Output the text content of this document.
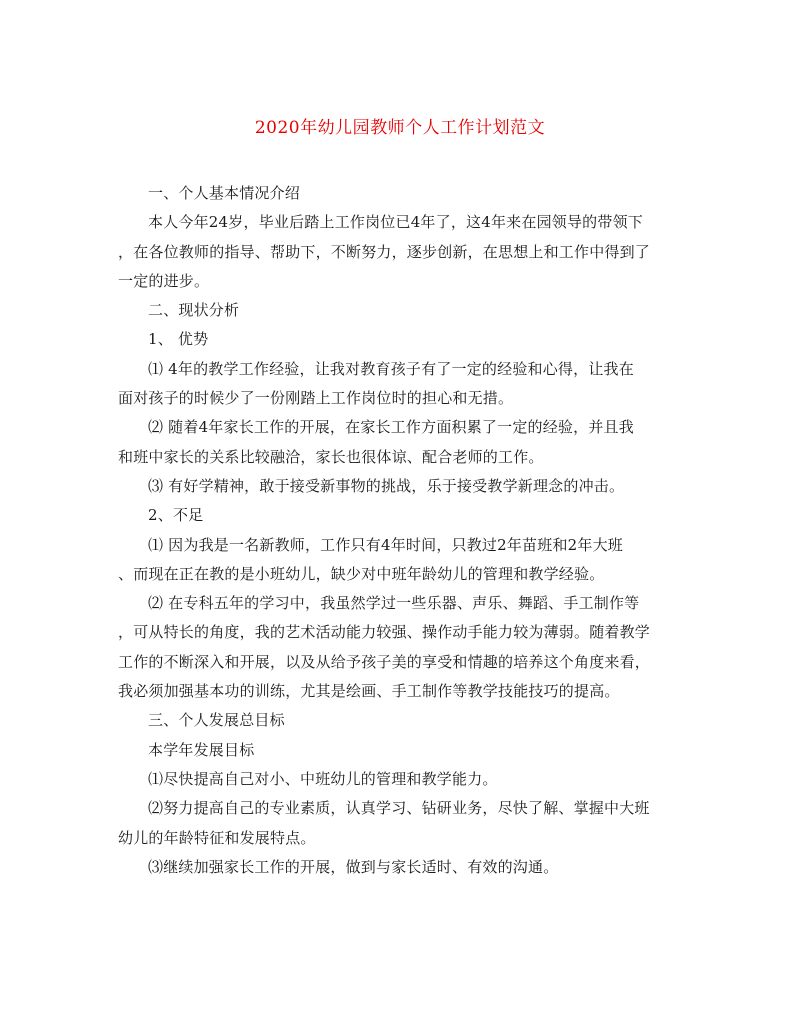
2020年幼儿园教师个人工作计划范文
一、个人基本情况介绍
本人今年24岁，毕业后踏上工作岗位已4年了，这4年来在园领导的带领下
，在各位教师的指导、帮助下，不断努力，逐步创新，在思想上和工作中得到了
一定的进步。
二、现状分析
1、 优势
⑴ 4年的教学工作经验，让我对教育孩子有了一定的经验和心得，让我在
面对孩子的时候少了一份刚踏上工作岗位时的担心和无措。
⑵ 随着4年家长工作的开展，在家长工作方面积累了一定的经验，并且我
和班中家长的关系比较融洽，家长也很体谅、配合老师的工作。
⑶ 有好学精神，敢于接受新事物的挑战，乐于接受教学新理念的冲击。
2、不足
⑴ 因为我是一名新教师，工作只有4年时间，只教过2年苗班和2年大班
、而现在正在教的是小班幼儿，缺少对中班年龄幼儿的管理和教学经验。
⑵ 在专科五年的学习中，我虽然学过一些乐器、声乐、舞蹈、手工制作等
，可从特长的角度，我的艺术活动能力较强、操作动手能力较为薄弱。随着教学
工作的不断深入和开展，以及从给予孩子美的享受和情趣的培养这个角度来看，
我必须加强基本功的训练，尤其是绘画、手工制作等教学技能技巧的提高。
三、个人发展总目标
本学年发展目标
⑴尽快提高自己对小、中班幼儿的管理和教学能力。
⑵努力提高自己的专业素质，认真学习、钻研业务，尽快了解、掌握中大班
幼儿的年龄特征和发展特点。
⑶继续加强家长工作的开展，做到与家长适时、有效的沟通。
